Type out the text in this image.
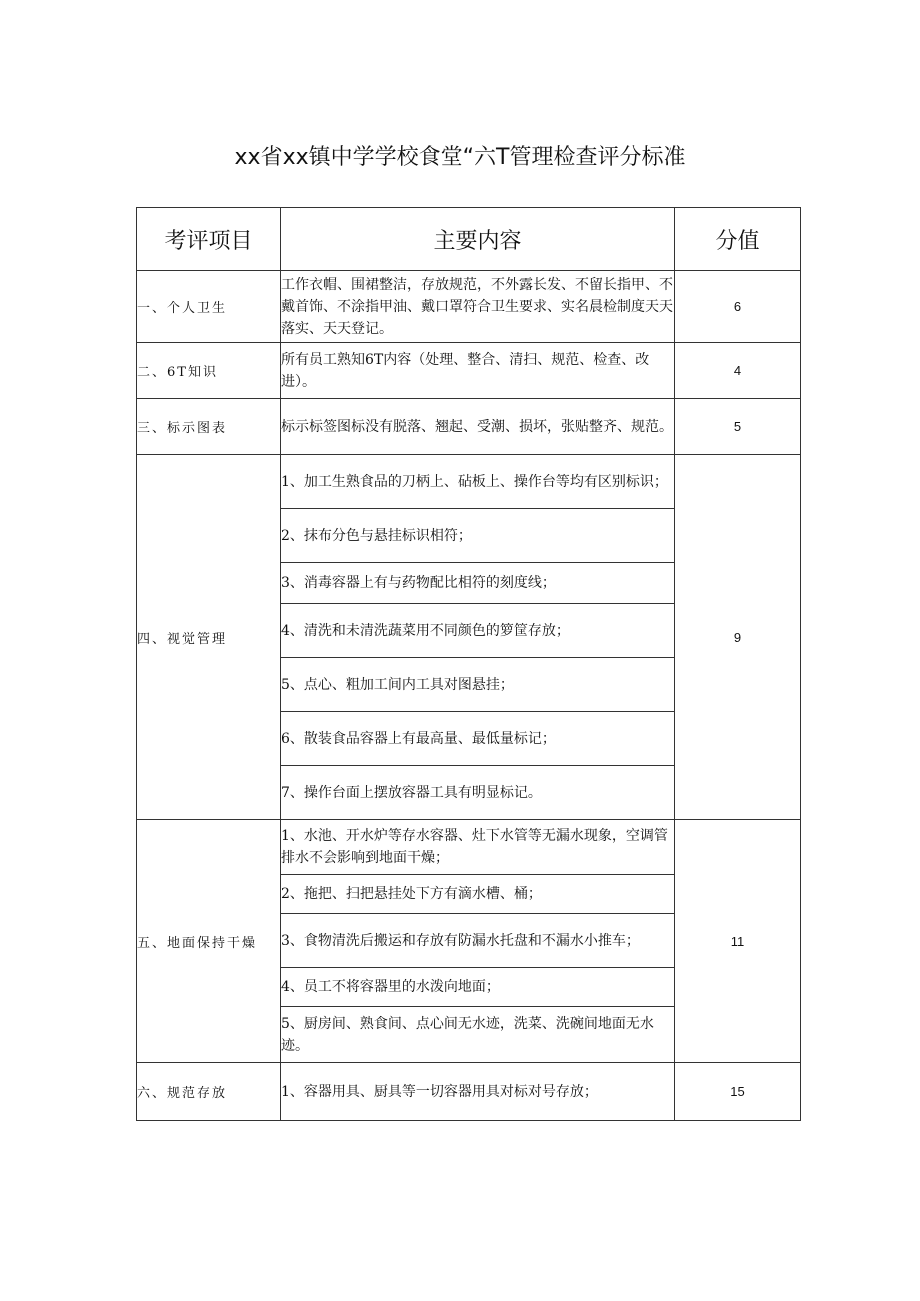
xx省xx镇中学学校食堂“六T管理检查评分标准
考评项目	主要内容	分值
一、个人卫生	工作衣帽、围裙整洁，存放规范，不外露长发、不留长指甲、不戴首饰、不涂指甲油、戴口罩符合卫生要求、实名晨检制度天天落实、天天登记。	6
二、6T知识	所有员工熟知6T内容（处理、整合、清扫、规范、检查、改进）。	4
三、标示图表	标示标签图标没有脱落、翘起、受潮、损坏，张贴整齐、规范。	5
四、视觉管理	1、加工生熟食品的刀柄上、砧板上、操作台等均有区别标识；	9
	2、抹布分色与悬挂标识相符；	
	3、消毒容器上有与药物配比相符的刻度线；	
	4、清洗和未清洗蔬菜用不同颜色的箩筐存放；	
	5、点心、粗加工间内工具对图悬挂；	
	6、散装食品容器上有最高量、最低量标记；	
	7、操作台面上摆放容器工具有明显标记。	
五、地面保持干燥	1、水池、开水炉等存水容器、灶下水管等无漏水现象，空调管排水不会影响到地面干燥；	11
	2、拖把、扫把悬挂处下方有滴水槽、桶；	
	3、食物清洗后搬运和存放有防漏水托盘和不漏水小推车；	
	4、员工不将容器里的水泼向地面；	
	5、厨房间、熟食间、点心间无水迹，洗菜、洗碗间地面无水迹。	
六、规范存放	1、容器用具、厨具等一切容器用具对标对号存放；	15
